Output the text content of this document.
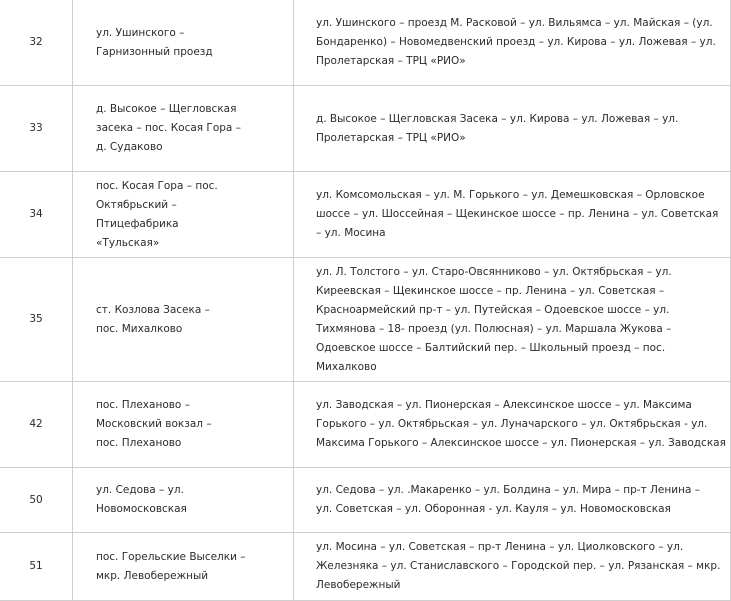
32	ул. Ушинского – Гарнизонный проезд	ул. Ушинского – проезд М. Расковой – ул. Вильямса – ул. Майская – (ул. Бондаренко) – Новомедвенский проезд – ул. Кирова – ул. Ложевая – ул. Пролетарская – ТРЦ «РИО»

33	д. Высокое – Щегловская засека – пос. Косая Гора – д. Судаково	д. Высокое – Щегловская Засека – ул. Кирова – ул. Ложевая – ул. Пролетарская – ТРЦ «РИО»

34	пос. Косая Гора – пос. Октябрьский – Птицефабрика «Тульская»	ул. Комсомольская – ул. М. Горького – ул. Демешковская – Орловское шоссе – ул. Шоссейная – Щекинское шоссе – пр. Ленина – ул. Советская – ул. Мосина

35	ст. Козлова Засека – пос. Михалково	ул. Л. Толстого – ул. Старо-Овсянниково – ул. Октябрьская – ул. Киреевская – Щекинское шоссе – пр. Ленина – ул. Советская – Красноармейский пр-т – ул. Путейская – Одоевское шоссе – ул. Тихмянова – 18- проезд (ул. Полюсная) – ул. Маршала Жукова – Одоевское шоссе – Балтийский пер. – Школьный проезд – пос. Михалково

42	пос. Плеханово – Московский вокзал – пос. Плеханово	ул. Заводская – ул. Пионерская – Алексинское шоссе – ул. Максима Горького – ул. Октябрьская – ул. Луначарского – ул. Октябрьская - ул. Максима Горького – Алексинское шоссе – ул. Пионерская – ул. Заводская

50	ул. Седова – ул. Новомосковская	ул. Седова – ул. .Макаренко – ул. Болдина – ул. Мира – пр-т Ленина – ул. Советская – ул. Оборонная - ул. Кауля – ул. Новомосковская

51	пос. Горельские Выселки – мкр. Левобережный	ул. Мосина – ул. Советская – пр-т Ленина – ул. Циолковского – ул. Железняка – ул. Станиславского – Городской пер. – ул. Рязанская – мкр. Левобережный
